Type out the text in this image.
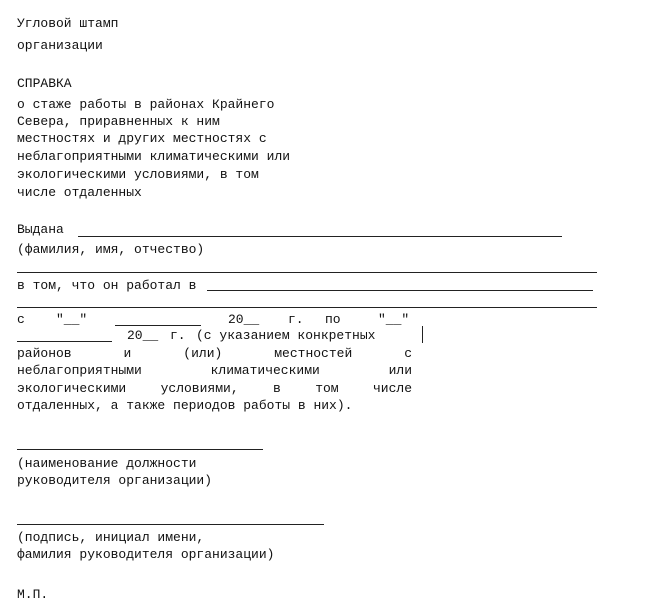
Угловой штамп
организации
СПРАВКА
о стаже работы в районах Крайнего
Севера, приравненных к ним
местностях и других местностях с
неблагоприятными климатическими или
экологическими условиями, в том
числе отдаленных
Выдана
(фамилия, имя, отчество)
в том, что он работал в
с "__"	20__ г. по	"__"
20__ г. (с указанием конкретных
районов и (или) местностей с
неблагоприятными климатическими или
экологическими условиями, в том числе
отдаленных, а также периодов работы в них).
(наименование должности
руководителя организации)
(подпись, инициал имени,
фамилия руководителя организации)
М.П.
